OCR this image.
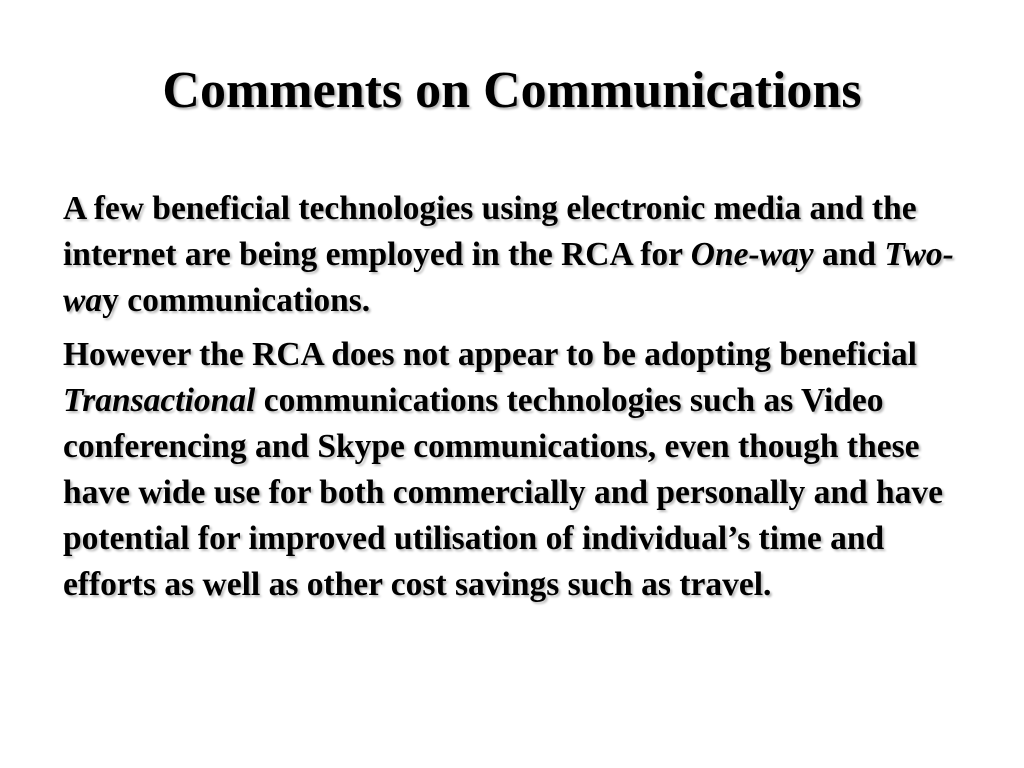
Comments on Communications

A few beneficial technologies using electronic media and the internet are being employed in the RCA for One-way and Two-way communications.

However the RCA does not appear to be adopting beneficial Transactional communications technologies such as Video conferencing and Skype communications, even though these have wide use for both commercially and personally and have potential for improved utilisation of individual’s time and efforts as well as other cost savings such as travel.
